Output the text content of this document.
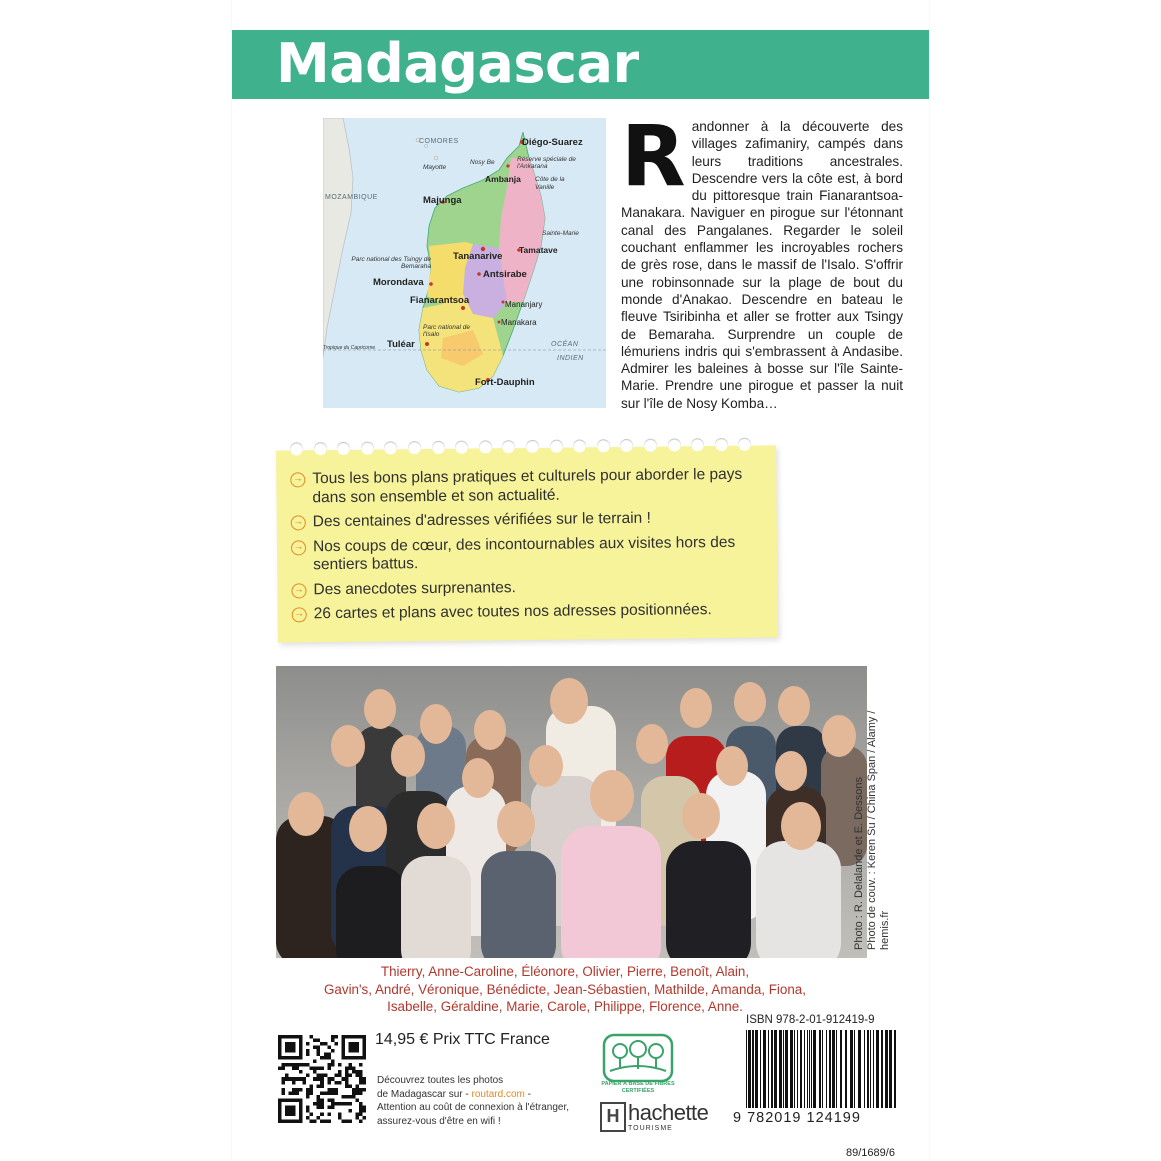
Madagascar
COMORES
Mayotte
MOZAMBIQUE
Diégo-Suarez
Nosy Be	Réserve spéciale de l'Ankarana
Ambanja Côte de la Vanille
Majunga
Sainte-Marie
Tamatave
Tananarive
Parc national des Tsingy de Bemaraha
Antsirabe
Morondava
Fianarantsoa	Mananjary
Manakara
Parc national de l'Isalo
Tuléar
Tropique du Capricorne	OCÉAN
INDIEN
Fort-Dauphin
Randonner à la découverte des villages zafimaniry, campés dans leurs traditions ancestrales. Descendre vers la côte est, à bord du pittoresque train Fianarantsoa-Manakara. Naviguer en pirogue sur l'étonnant canal des Pangalanes. Regarder le soleil couchant enflammer les incroyables rochers de grès rose, dans le massif de l'Isalo. S'offrir une robinsonnade sur la plage de bout du monde d'Anakao. Descendre en bateau le fleuve Tsiribinha et aller se frotter aux Tsingy de Bemaraha. Surprendre un couple de lémuriens indris qui s'embrassent à Andasibe. Admirer les baleines à bosse sur l'île Sainte-Marie. Prendre une pirogue et passer la nuit sur l'île de Nosy Komba…
→ Tous les bons plans pratiques et culturels pour aborder le pays dans son ensemble et son actualité.
→ Des centaines d'adresses vérifiées sur le terrain !
→ Nos coups de cœur, des incontournables aux visites hors des sentiers battus.
→ Des anecdotes surprenantes.
→ 26 cartes et plans avec toutes nos adresses positionnées.
Photo : R. Delalande et E. Dessons Photo de couv. : Keren Su / China Span / Alamy / hemis.fr
Thierry, Anne-Caroline, Éléonore, Olivier, Pierre, Benoît, Alain,
Gavin's, André, Véronique, Bénédicte, Jean-Sébastien, Mathilde, Amanda, Fiona,
Isabelle, Géraldine, Marie, Carole, Philippe, Florence, Anne.
14,95 € Prix TTC France
Découvrez toutes les photos
de Madagascar sur - routard.com -
Attention au coût de connexion à l'étranger,
assurez-vous d'être en wifi !
PAPIER À BASE DE FIBRES CERTIFIÉES
H hachette
TOURISME
ISBN 978-2-01-912419-9
9 782019 124199
89/1689/6
